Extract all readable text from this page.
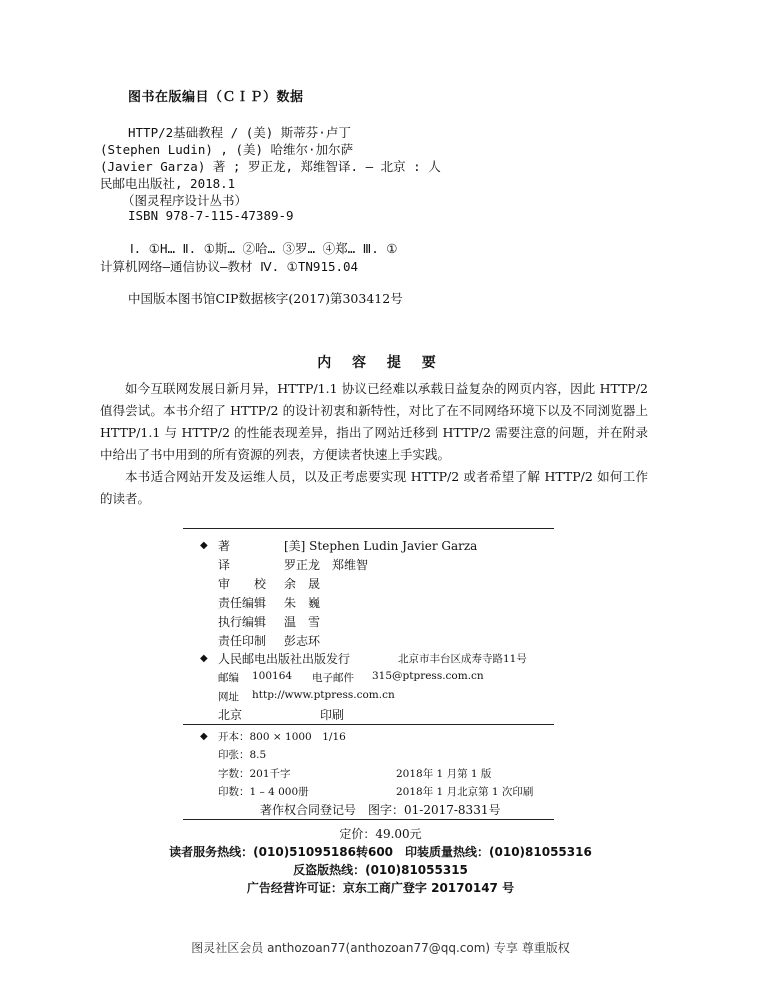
图书在版编目（ＣＩＰ）数据
HTTP/2基础教程 / (美) 斯蒂芬·卢丁
(Stephen Ludin) , (美) 哈维尔·加尔萨
(Javier Garza) 著 ; 罗正龙, 郑维智译. — 北京 : 人
民邮电出版社, 2018.1
（图灵程序设计丛书）
ISBN 978-7-115-47389-9
Ⅰ. ①H… Ⅱ. ①斯… ②哈… ③罗… ④郑… Ⅲ. ①
计算机网络—通信协议—教材 Ⅳ. ①TN915.04
中国版本图书馆CIP数据核字(2017)第303412号
内 容 提 要

如今互联网发展日新月异，HTTP/1.1 协议已经难以承载日益复杂的网页内容，因此 HTTP/2 值得尝试。本书介绍了 HTTP/2 的设计初衷和新特性，对比了在不同网络环境下以及不同浏览器上 HTTP/1.1 与 HTTP/2 的性能表现差异，指出了网站迁移到 HTTP/2 需要注意的问题，并在附录中给出了书中用到的所有资源的列表，方便读者快速上手实践。

本书适合网站开发及运维人员，以及正考虑要实现 HTTP/2 或者希望了解 HTTP/2 如何工作的读者。

◆ 著	[美] Stephen Ludin Javier Garza
译	罗正龙　郑维智
审　　校 余　晟
责任编辑 朱　巍
执行编辑 温　雪
责任印制 彭志环
◆ 人民邮电出版社出版发行	北京市丰台区成寿寺路11号
邮编 100164 电子邮件 315@ptpress.com.cn
网址 http://www.ptpress.com.cn
北京	印刷
◆ 开本：800 × 1000　1/16
印张：8.5
字数：201千字	2018年 1 月第 1 版
印数：1 – 4 000册	2018年 1 月北京第 1 次印刷
著作权合同登记号　图字：01-2017-8331号
定价：49.00元
读者服务热线：(010)51095186转600　印装质量热线：(010)81055316
反盗版热线：(010)81055315
广告经营许可证：京东工商广登字 20170147 号
图灵社区会员 anthozoan77(anthozoan77@qq.com) 专享 尊重版权
